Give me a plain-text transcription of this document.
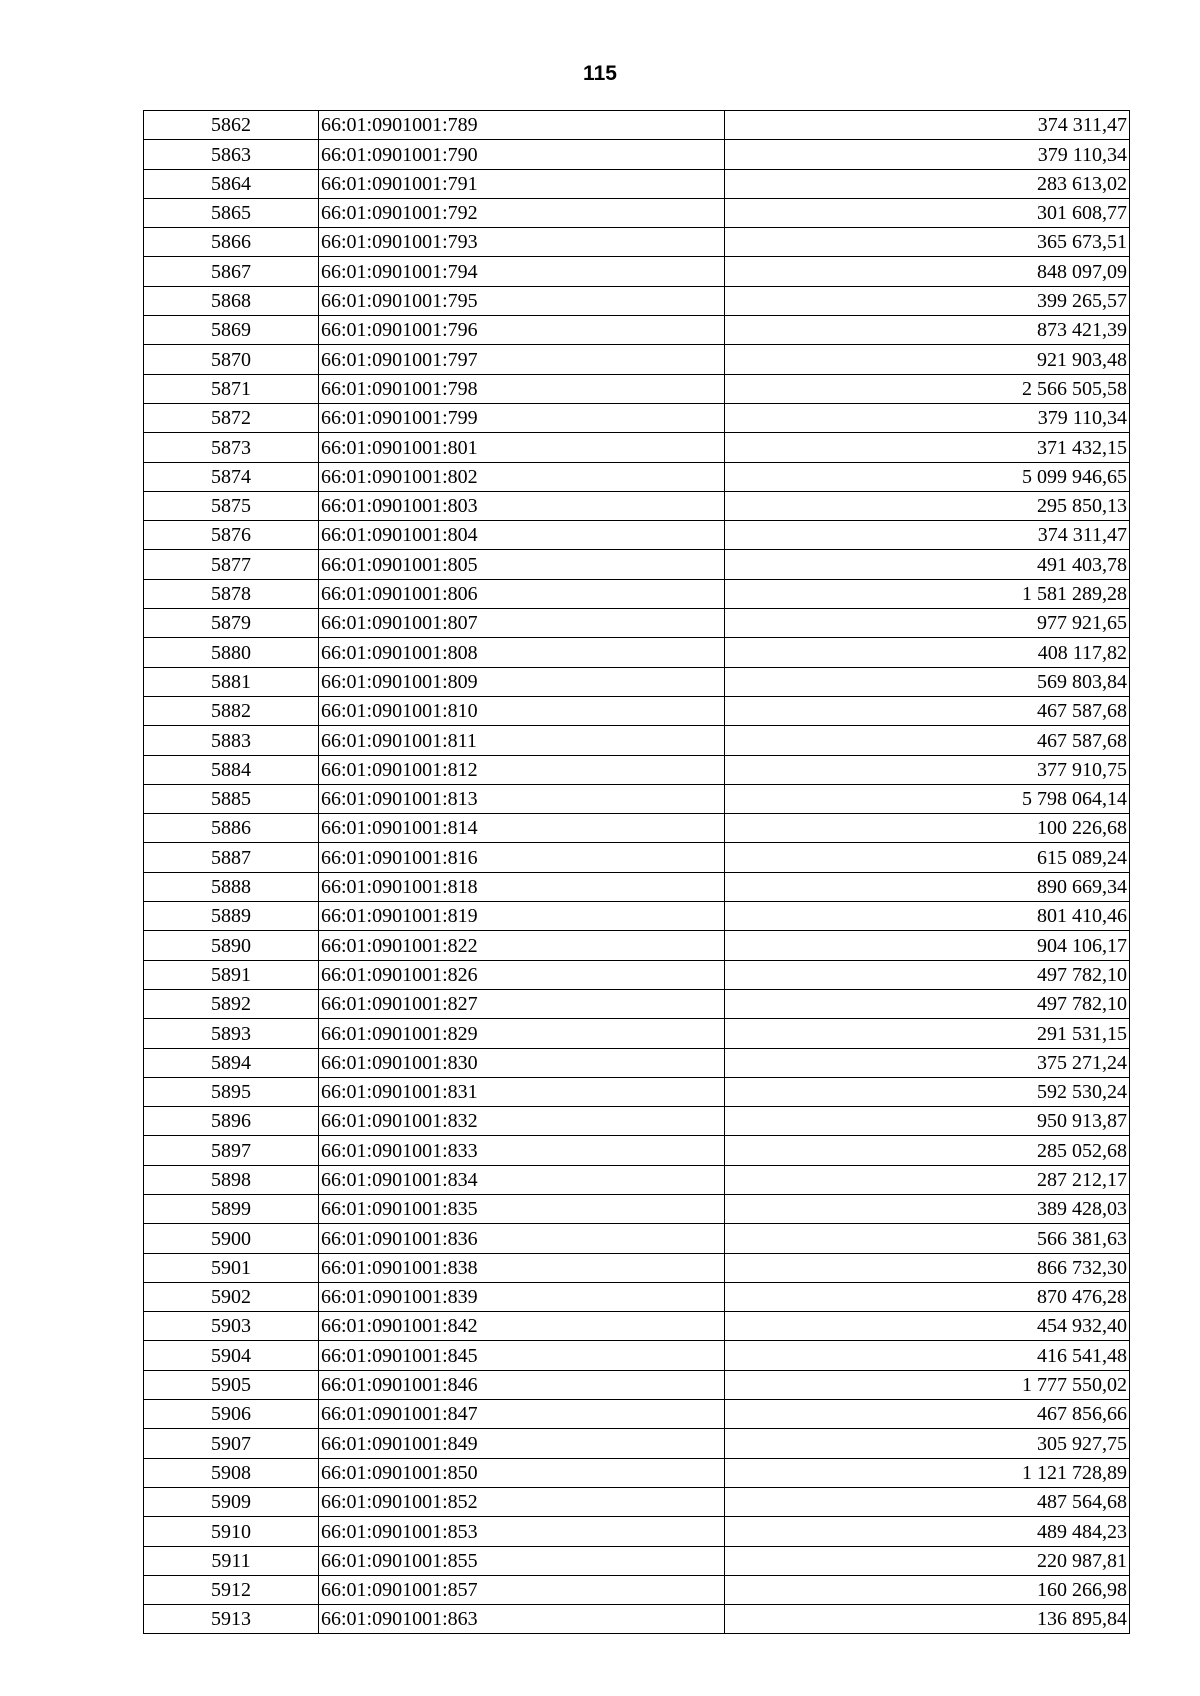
115
5862	66:01:0901001:789	374 311,47
5863	66:01:0901001:790	379 110,34
5864	66:01:0901001:791	283 613,02
5865	66:01:0901001:792	301 608,77
5866	66:01:0901001:793	365 673,51
5867	66:01:0901001:794	848 097,09
5868	66:01:0901001:795	399 265,57
5869	66:01:0901001:796	873 421,39
5870	66:01:0901001:797	921 903,48
5871	66:01:0901001:798	2 566 505,58
5872	66:01:0901001:799	379 110,34
5873	66:01:0901001:801	371 432,15
5874	66:01:0901001:802	5 099 946,65
5875	66:01:0901001:803	295 850,13
5876	66:01:0901001:804	374 311,47
5877	66:01:0901001:805	491 403,78
5878	66:01:0901001:806	1 581 289,28
5879	66:01:0901001:807	977 921,65
5880	66:01:0901001:808	408 117,82
5881	66:01:0901001:809	569 803,84
5882	66:01:0901001:810	467 587,68
5883	66:01:0901001:811	467 587,68
5884	66:01:0901001:812	377 910,75
5885	66:01:0901001:813	5 798 064,14
5886	66:01:0901001:814	100 226,68
5887	66:01:0901001:816	615 089,24
5888	66:01:0901001:818	890 669,34
5889	66:01:0901001:819	801 410,46
5890	66:01:0901001:822	904 106,17
5891	66:01:0901001:826	497 782,10
5892	66:01:0901001:827	497 782,10
5893	66:01:0901001:829	291 531,15
5894	66:01:0901001:830	375 271,24
5895	66:01:0901001:831	592 530,24
5896	66:01:0901001:832	950 913,87
5897	66:01:0901001:833	285 052,68
5898	66:01:0901001:834	287 212,17
5899	66:01:0901001:835	389 428,03
5900	66:01:0901001:836	566 381,63
5901	66:01:0901001:838	866 732,30
5902	66:01:0901001:839	870 476,28
5903	66:01:0901001:842	454 932,40
5904	66:01:0901001:845	416 541,48
5905	66:01:0901001:846	1 777 550,02
5906	66:01:0901001:847	467 856,66
5907	66:01:0901001:849	305 927,75
5908	66:01:0901001:850	1 121 728,89
5909	66:01:0901001:852	487 564,68
5910	66:01:0901001:853	489 484,23
5911	66:01:0901001:855	220 987,81
5912	66:01:0901001:857	160 266,98
5913	66:01:0901001:863	136 895,84
